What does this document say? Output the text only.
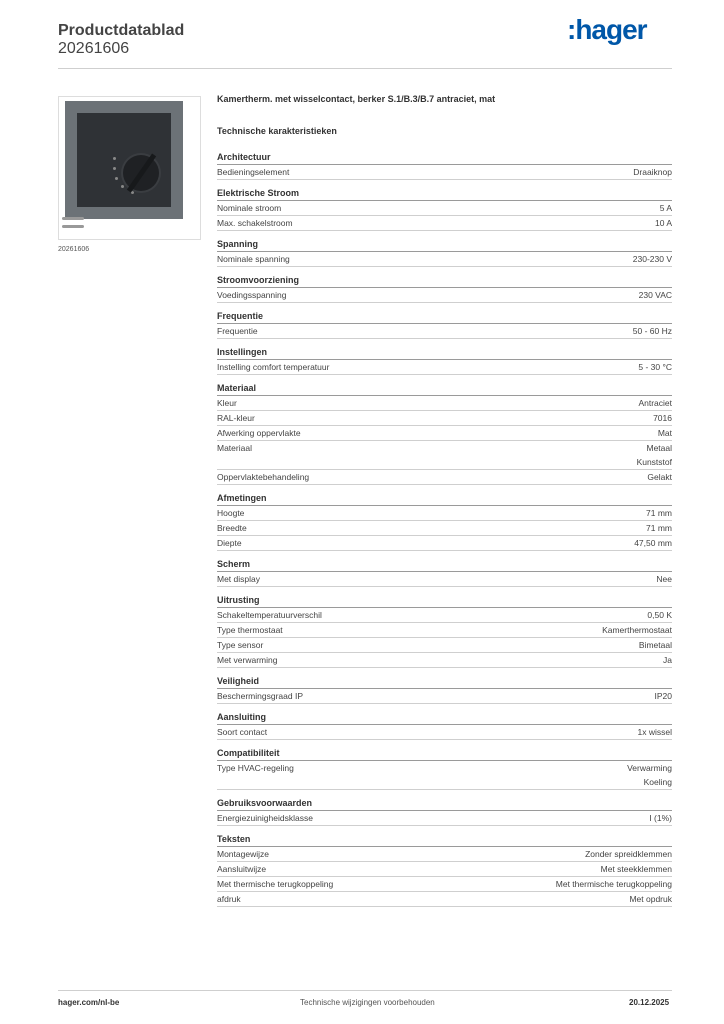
Productdatablad
20261606
:hager
20261606
Kamertherm. met wisselcontact, berker S.1/B.3/B.7 antraciet, mat
Technische karakteristieken
Architectuur
Bedieningselement	Draaiknop
Elektrische Stroom
Nominale stroom	5 A
Max. schakelstroom	10 A
Spanning
Nominale spanning	230-230 V
Stroomvoorziening
Voedingsspanning	230 VAC
Frequentie
Frequentie	50 - 60 Hz
Instellingen
Instelling comfort temperatuur	5 - 30 °C
Materiaal
Kleur	Antraciet
RAL-kleur	7016
Afwerking oppervlakte	Mat
Materiaal	Metaal
Kunststof
Oppervlaktebehandeling	Gelakt
Afmetingen
Hoogte	71 mm
Breedte	71 mm
Diepte	47,50 mm
Scherm
Met display	Nee
Uitrusting
Schakeltemperatuurverschil	0,50 K
Type thermostaat	Kamerthermostaat
Type sensor	Bimetaal
Met verwarming	Ja
Veiligheid
Beschermingsgraad IP	IP20
Aansluiting
Soort contact	1x wissel
Compatibiliteit
Type HVAC-regeling	Verwarming
Koeling
Gebruiksvoorwaarden
Energiezuinigheidsklasse	I (1%)
Teksten
Montagewijze	Zonder spreidklemmen
Aansluitwijze	Met steekklemmen
Met thermische terugkoppeling	Met thermische terugkoppeling
afdruk	Met opdruk
hager.com/nl-be	Technische wijzigingen voorbehouden	20.12.2025
